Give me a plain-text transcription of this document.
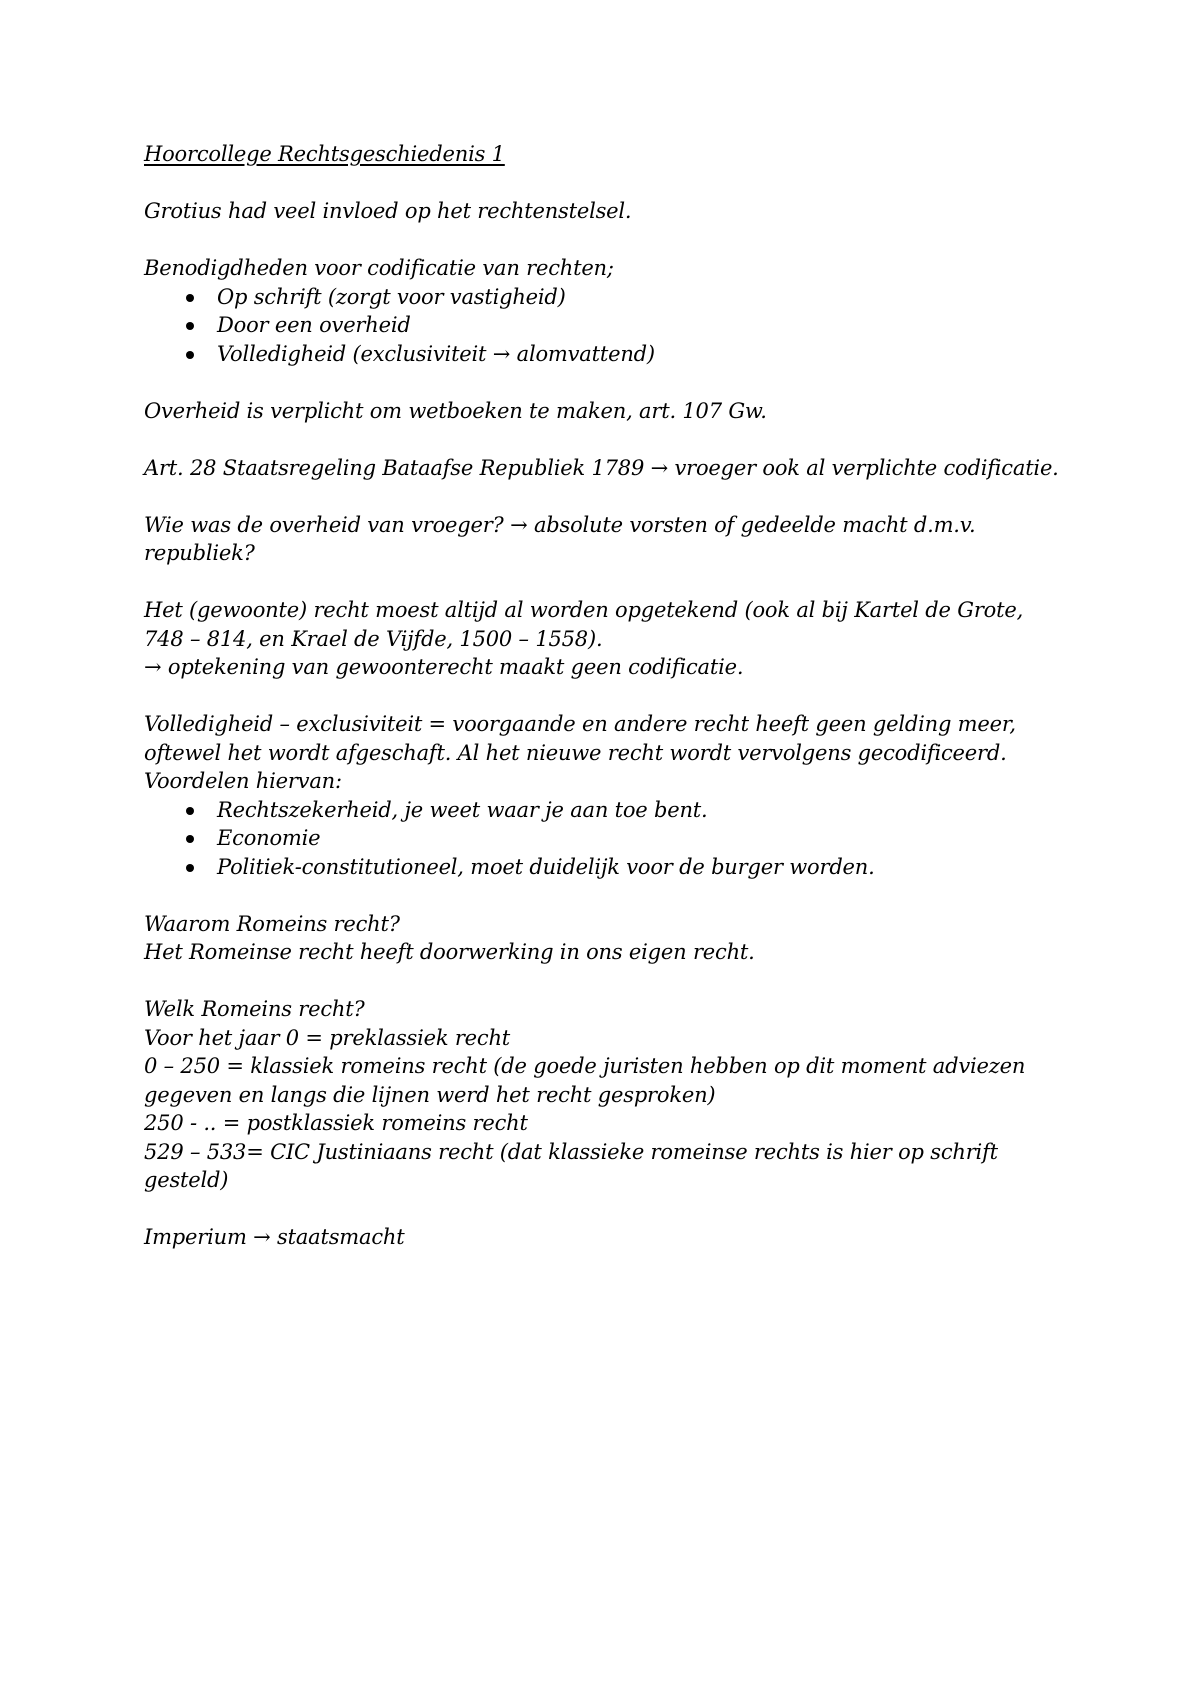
Hoorcollege Rechtsgeschiedenis 1

Grotius had veel invloed op het rechtenstelsel.

Benodigdheden voor codificatie van rechten;

Op schrift (zorgt voor vastigheid)
Door een overheid
Volledigheid (exclusiviteit → alomvattend)

Overheid is verplicht om wetboeken te maken, art. 107 Gw.

Art. 28 Staatsregeling Bataafse Republiek 1789 → vroeger ook al verplichte codificatie.

Wie was de overheid van vroeger? → absolute vorsten of gedeelde macht d.m.v. republiek?

Het (gewoonte) recht moest altijd al worden opgetekend (ook al bij Kartel de Grote, 748 – 814, en Krael de Vijfde, 1500 – 1558).

→ optekening van gewoonterecht maakt geen codificatie.

Volledigheid – exclusiviteit = voorgaande en andere recht heeft geen gelding meer, oftewel het wordt afgeschaft. Al het nieuwe recht wordt vervolgens gecodificeerd. Voordelen hiervan:

Rechtszekerheid, je weet waar je aan toe bent.
Economie
Politiek-constitutioneel, moet duidelijk voor de burger worden.

Waarom Romeins recht?

Het Romeinse recht heeft doorwerking in ons eigen recht.

Welk Romeins recht?

Voor het jaar 0 = preklassiek recht

0 – 250 = klassiek romeins recht (de goede juristen hebben op dit moment adviezen gegeven en langs die lijnen werd het recht gesproken)

250 - .. = postklassiek romeins recht

529 – 533= CIC Justiniaans recht (dat klassieke romeinse rechts is hier op schrift gesteld)

Imperium → staatsmacht
